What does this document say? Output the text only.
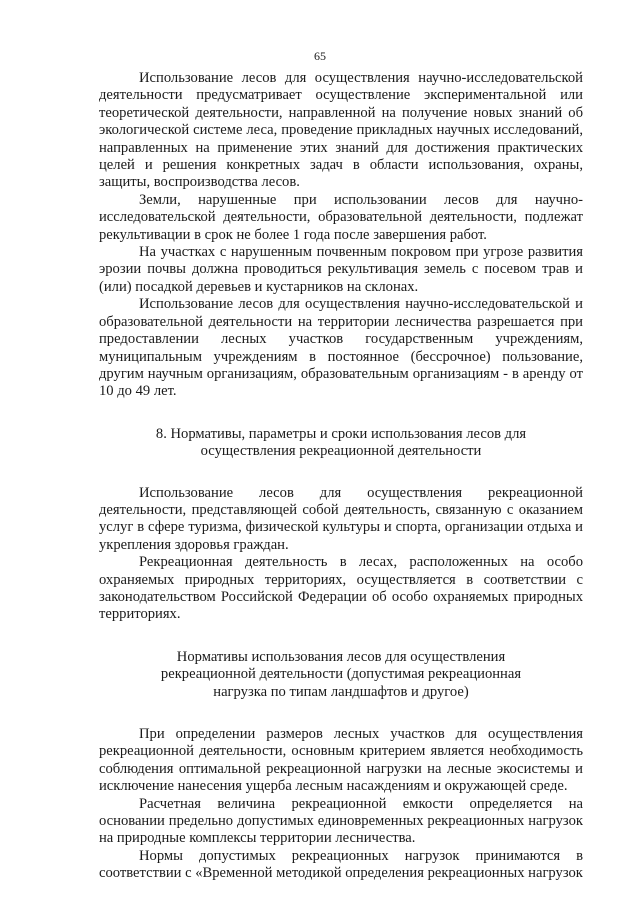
65

Использование лесов для осуществления научно-исследовательской деятельности предусматривает осуществление экспериментальной или теоретической деятельности, направленной на получение новых знаний об экологической системе леса, проведение прикладных научных исследований, направленных на применение этих знаний для достижения практических целей и решения конкретных задач в области использования, охраны, защиты, воспроизводства лесов.

Земли, нарушенные при использовании лесов для научно-исследовательской деятельности, образовательной деятельности, подлежат рекультивации в срок не более 1 года после завершения работ.

На участках с нарушенным почвенным покровом при угрозе развития эрозии почвы должна проводиться рекультивация земель с посевом трав и (или) посадкой деревьев и кустарников на склонах.

Использование лесов для осуществления научно-исследовательской и образовательной деятельности на территории лесничества разрешается при предоставлении лесных участков государственным учреждениям, муниципальным учреждениям в постоянное (бессрочное) пользование, другим научным организациям, образовательным организациям - в аренду от 10 до 49 лет.

8. Нормативы, параметры и сроки использования лесов для
осуществления рекреационной деятельности

Использование лесов для осуществления рекреационной деятельности, представляющей собой деятельность, связанную с оказанием услуг в сфере туризма, физической культуры и спорта, организации отдыха и укрепления здоровья граждан.

Рекреационная деятельность в лесах, расположенных на особо охраняемых природных территориях, осуществляется в соответствии с законодательством Российской Федерации об особо охраняемых природных территориях.

Нормативы использования лесов для осуществления
рекреационной деятельности (допустимая рекреационная
нагрузка по типам ландшафтов и другое)

При определении размеров лесных участков для осуществления рекреационной деятельности, основным критерием является необходимость соблюдения оптимальной рекреационной нагрузки на лесные экосистемы и исключение нанесения ущерба лесным насаждениям и окружающей среде.

Расчетная величина рекреационной емкости определяется на основании предельно допустимых единовременных рекреационных нагрузок на природные комплексы территории лесничества.

Нормы допустимых рекреационных нагрузок принимаются в соответствии с «Временной методикой определения рекреационных нагрузок
